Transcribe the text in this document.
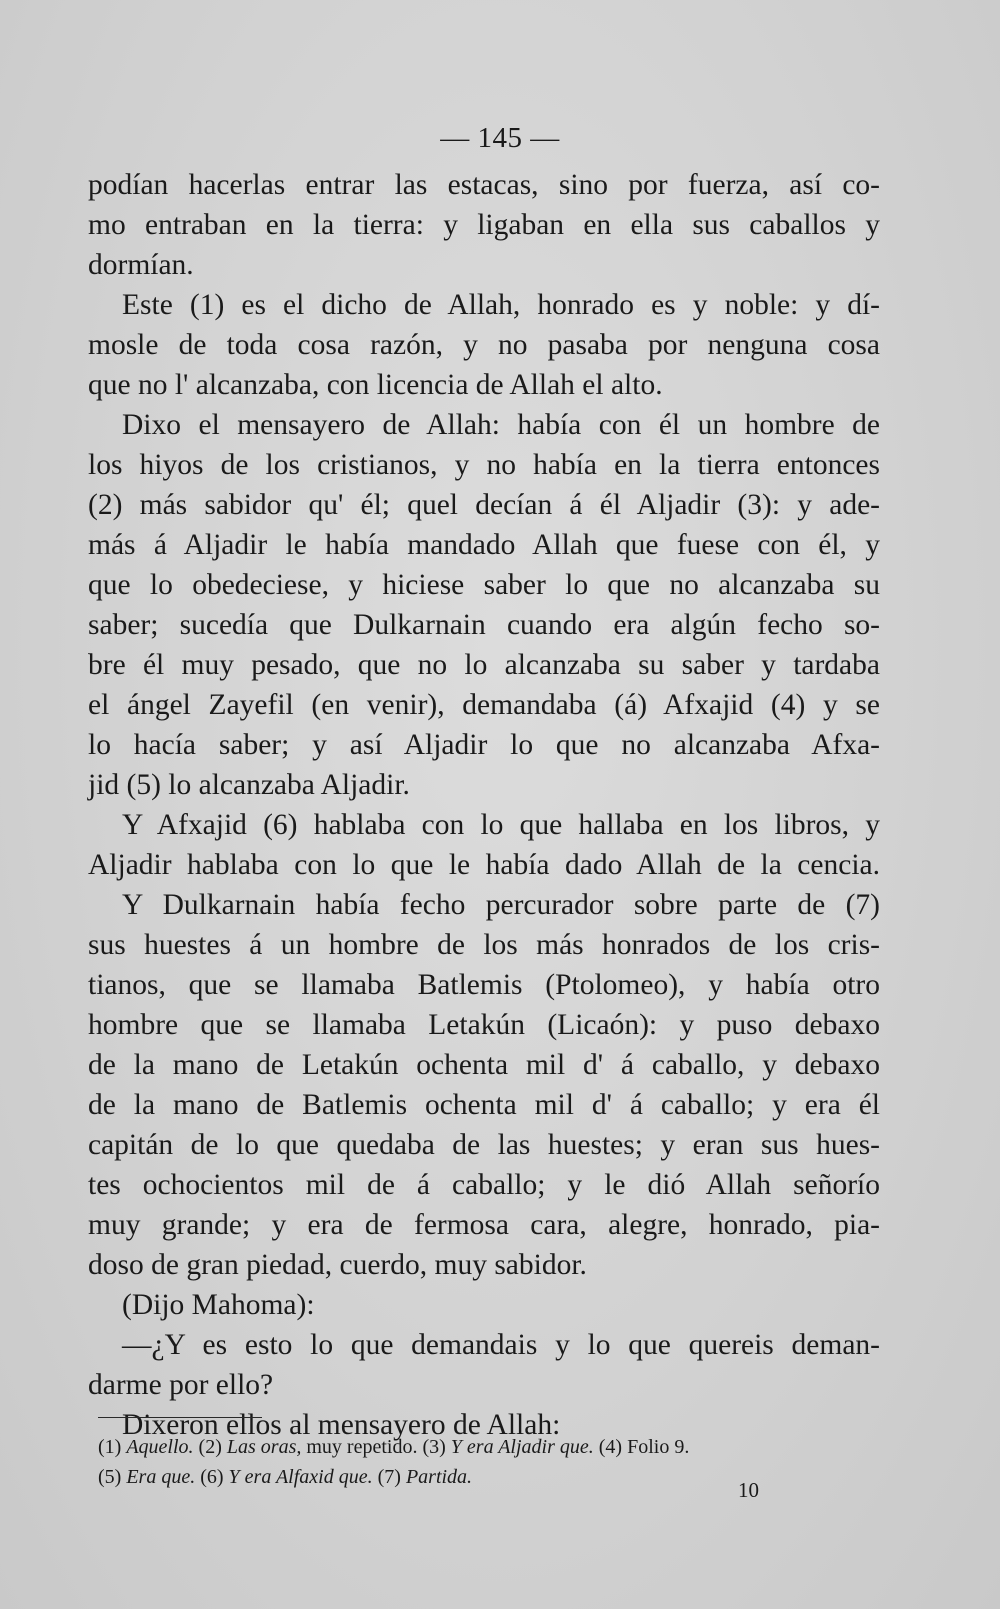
— 145 —
podían hacerlas entrar las estacas, sino por fuerza, así co-
mo entraban en la tierra: y ligaban en ella sus caballos y
dormían.
Este (1) es el dicho de Allah, honrado es y noble: y dí-
mosle de toda cosa razón, y no pasaba por nenguna cosa
que no l' alcanzaba, con licencia de Allah el alto.
Dixo el mensayero de Allah: había con él un hombre de
los hiyos de los cristianos, y no había en la tierra entonces
(2) más sabidor qu' él; quel decían á él Aljadir (3): y ade-
más á Aljadir le había mandado Allah que fuese con él, y
que lo obedeciese, y hiciese saber lo que no alcanzaba su
saber; sucedía que Dulkarnain cuando era algún fecho so-
bre él muy pesado, que no lo alcanzaba su saber y tardaba
el ángel Zayefil (en venir), demandaba (á) Afxajid (4) y se
lo hacía saber; y así Aljadir lo que no alcanzaba Afxa-
jid (5) lo alcanzaba Aljadir.
Y Afxajid (6) hablaba con lo que hallaba en los libros, y
Aljadir hablaba con lo que le había dado Allah de la cencia.
Y Dulkarnain había fecho percurador sobre parte de (7)
sus huestes á un hombre de los más honrados de los cris-
tianos, que se llamaba Batlemis (Ptolomeo), y había otro
hombre que se llamaba Letakún (Licaón): y puso debaxo
de la mano de Letakún ochenta mil d' á caballo, y debaxo
de la mano de Batlemis ochenta mil d' á caballo; y era él
capitán de lo que quedaba de las huestes; y eran sus hues-
tes ochocientos mil de á caballo; y le dió Allah señorío
muy grande; y era de fermosa cara, alegre, honrado, pia-
doso de gran piedad, cuerdo, muy sabidor.
(Dijo Mahoma):
—¿Y es esto lo que demandais y lo que quereis deman-
darme por ello?
Dixeron ellos al mensayero de Allah:
(1) Aquello. (2) Las oras, muy repetido. (3) Y era Aljadir que. (4) Folio 9.
(5) Era que. (6) Y era Alfaxid que. (7) Partida.
10
